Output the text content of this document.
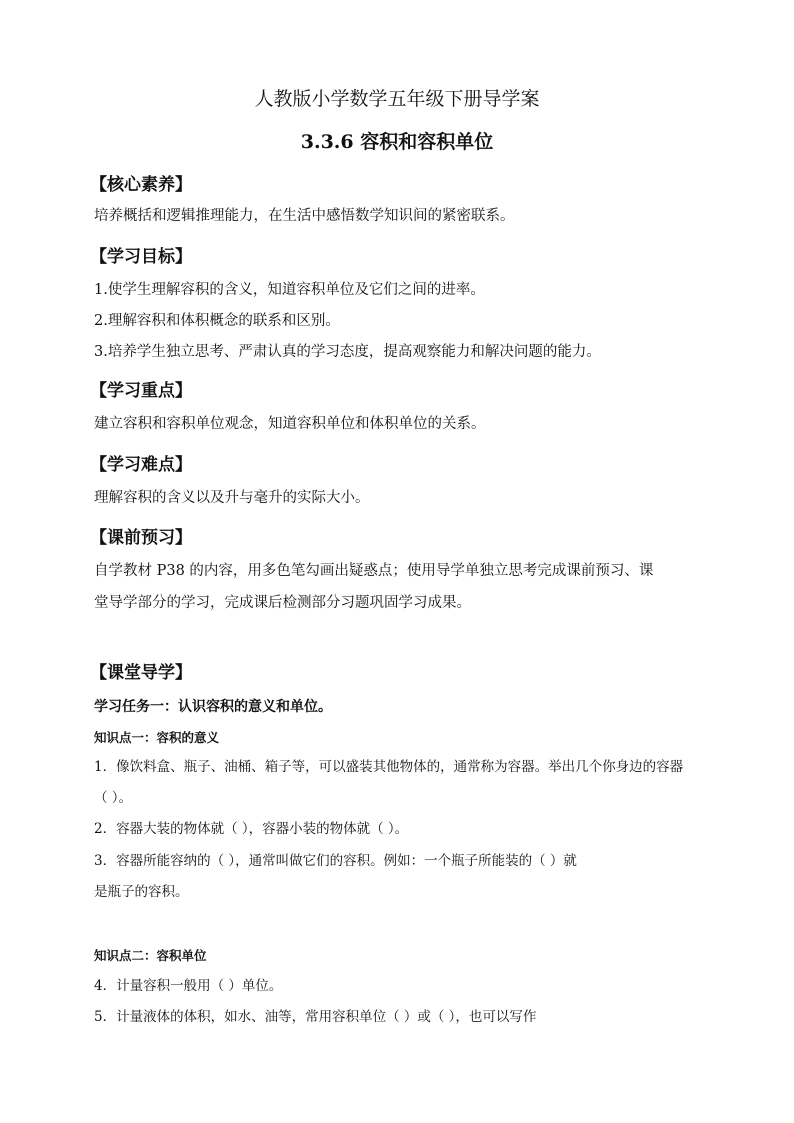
人教版小学数学五年级下册导学案
3.3.6 容积和容积单位
【核心素养】
培养概括和逻辑推理能力，在生活中感悟数学知识间的紧密联系。
【学习目标】
1.使学生理解容积的含义，知道容积单位及它们之间的进率。
2.理解容积和体积概念的联系和区别。
3.培养学生独立思考、严肃认真的学习态度，提高观察能力和解决问题的能力。
【学习重点】
建立容积和容积单位观念，知道容积单位和体积单位的关系。
【学习难点】
理解容积的含义以及升与毫升的实际大小。
【课前预习】
自学教材 P38 的内容，用多色笔勾画出疑惑点；使用导学单独立思考完成课前预习、课
堂导学部分的学习，完成课后检测部分习题巩固学习成果。
【课堂导学】
学习任务一：认识容积的意义和单位。
知识点一：容积的意义
1．像饮料盒、瓶子、油桶、箱子等，可以盛装其他物体的，通常称为容器。举出几个你身边的容器
（ ）。
2．容器大装的物体就（ ），容器小装的物体就（ ）。
3．容器所能容纳的（ ），通常叫做它们的容积。例如：一个瓶子所能装的（ ）就
是瓶子的容积。
知识点二：容积单位
4．计量容积一般用（ ）单位。
5．计量液体的体积，如水、油等，常用容积单位（ ）或（ ），也可以写作
